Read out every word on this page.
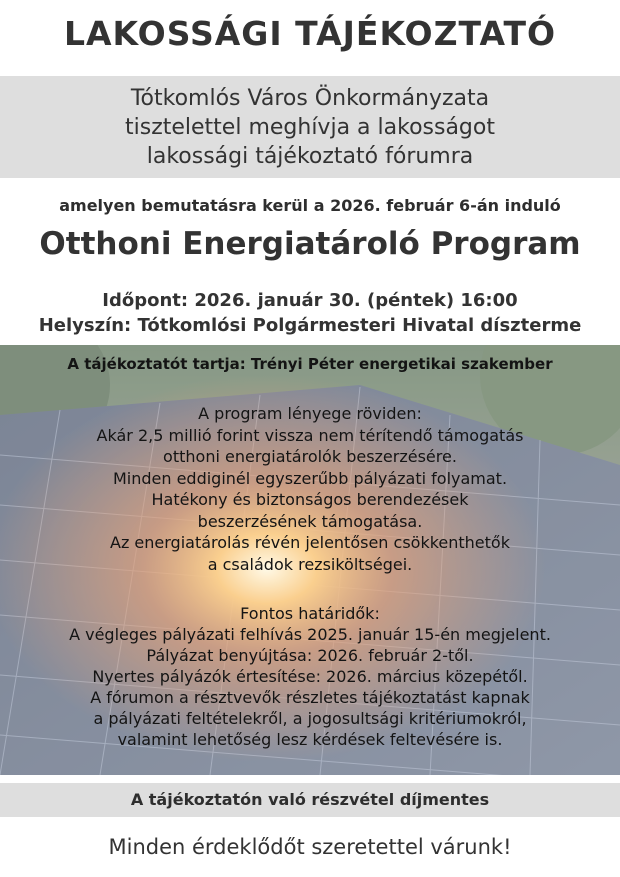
LAKOSSÁGI TÁJÉKOZTATÓ
Tótkomlós Város Önkormányzata
tisztelettel meghívja a lakosságot
lakossági tájékoztató fórumra
amelyen bemutatásra kerül a 2026. február 6-án induló
Otthoni Energiatároló Program
Időpont: 2026. január 30. (péntek) 16:00
Helyszín: Tótkomlósi Polgármesteri Hivatal díszterme
A tájékoztatót tartja: Trényi Péter energetikai szakember
A program lényege röviden:
Akár 2,5 millió forint vissza nem térítendő támogatás
otthoni energiatárolók beszerzésére.
Minden eddiginél egyszerűbb pályázati folyamat.
Hatékony és biztonságos berendezések
beszerzésének támogatása.
Az energiatárolás révén jelentősen csökkenthetők
a családok rezsiköltségei.
Fontos határidők:
A végleges pályázati felhívás 2025. január 15-én megjelent.
Pályázat benyújtása: 2026. február 2-től.
Nyertes pályázók értesítése: 2026. március közepétől.
A fórumon a résztvevők részletes tájékoztatást kapnak
a pályázati feltételekről, a jogosultsági kritériumokról,
valamint lehetőség lesz kérdések feltevésére is.
A tájékoztatón való részvétel díjmentes
Minden érdeklődőt szeretettel várunk!
